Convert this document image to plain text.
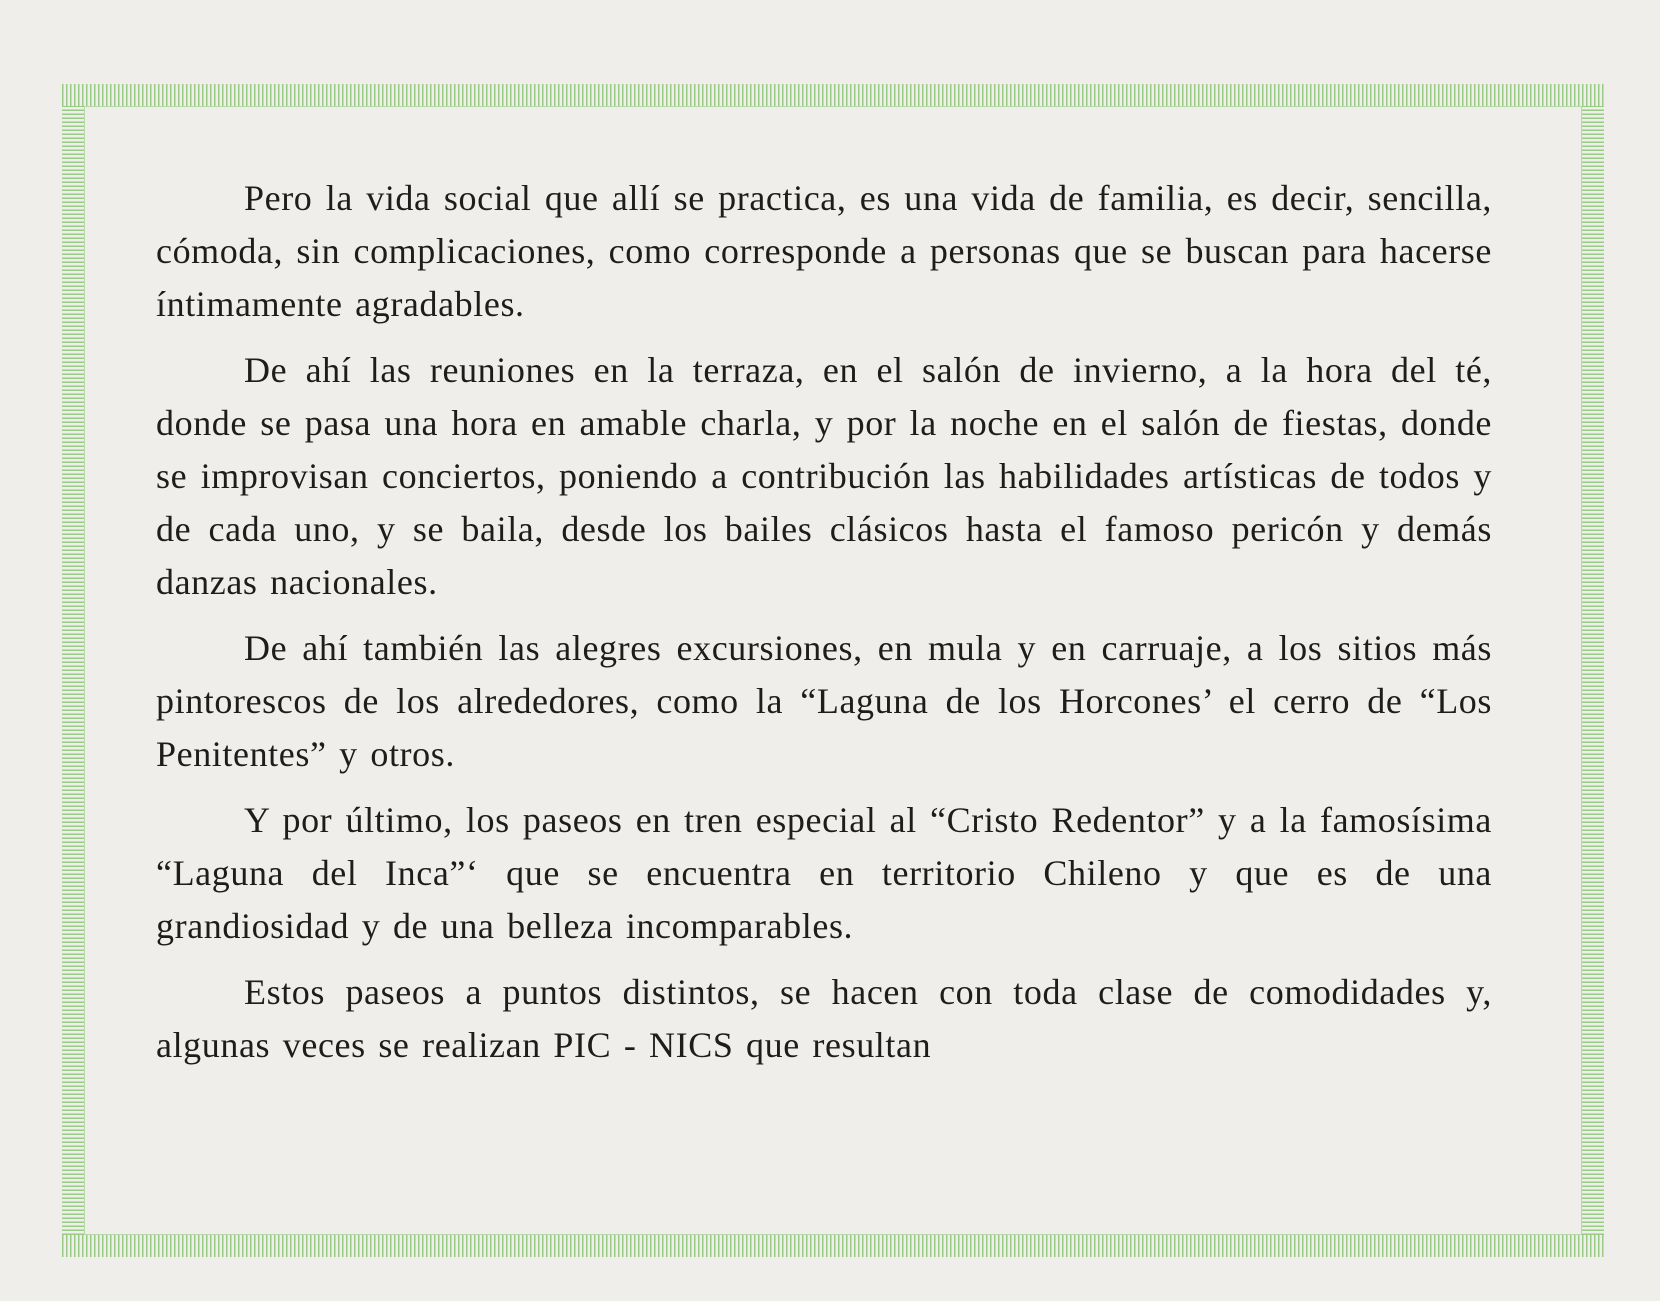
Pero la vida social que allí se practica, es una vida de familia, es decir, sencilla, cómoda, sin complicaciones, como corresponde a personas que se buscan para hacerse íntimamente agradables.

De ahí las reuniones en la terraza, en el salón de invierno, a la hora del té, donde se pasa una hora en amable charla, y por la noche en el salón de fiestas, donde se improvisan conciertos, poniendo a contribución las habilidades artísticas de todos y de cada uno, y se baila, desde los bailes clásicos hasta el famoso pericón y demás danzas nacionales.

De ahí también las alegres excursiones, en mula y en carruaje, a los sitios más pintorescos de los alrededores, como la “Laguna de los Horcones’ el cerro de “Los Penitentes” y otros.

Y por último, los paseos en tren especial al “Cristo Redentor” y a la famosísima “Laguna del Inca”‘ que se encuentra en territorio Chileno y que es de una grandiosidad y de una belleza incomparables.

Estos paseos a puntos distintos, se hacen con toda clase de comodidades y, algunas veces se realizan PIC - NICS que resultan
